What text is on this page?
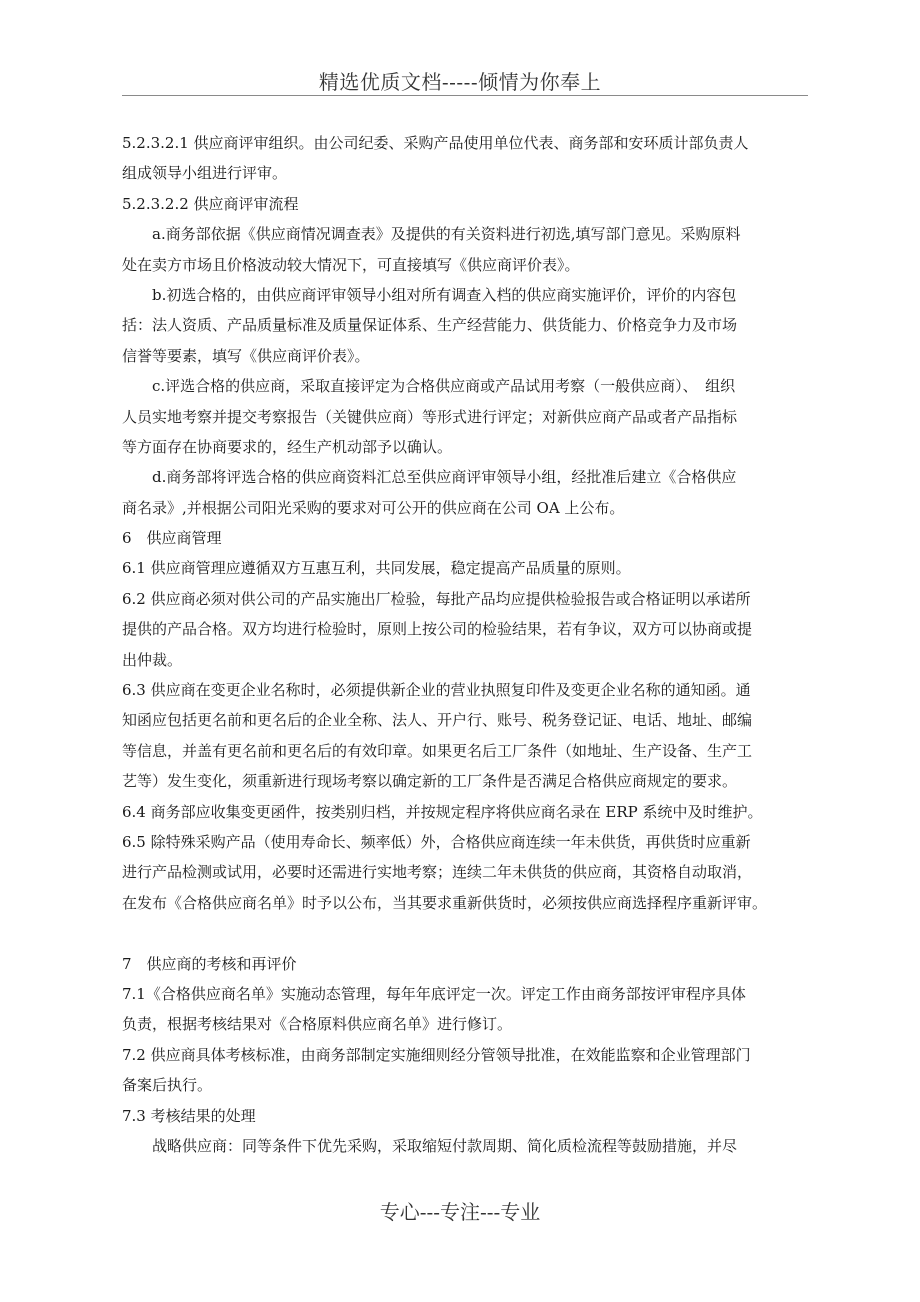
精选优质文档-----倾情为你奉上
5.2.3.2.1 供应商评审组织。由公司纪委、采购产品使用单位代表、商务部和安环质计部负责人
组成领导小组进行评审。
5.2.3.2.2 供应商评审流程
a.商务部依据《供应商情况调查表》及提供的有关资料进行初选,填写部门意见。采购原料
处在卖方市场且价格波动较大情况下，可直接填写《供应商评价表》。
b.初选合格的，由供应商评审领导小组对所有调查入档的供应商实施评价，评价的内容包
括：法人资质、产品质量标准及质量保证体系、生产经营能力、供货能力、价格竞争力及市场
信誉等要素，填写《供应商评价表》。
c.评选合格的供应商，采取直接评定为合格供应商或产品试用考察（一般供应商）、　组织
人员实地考察并提交考察报告（关键供应商）等形式进行评定；对新供应商产品或者产品指标
等方面存在协商要求的，经生产机动部予以确认。
d.商务部将评选合格的供应商资料汇总至供应商评审领导小组，经批准后建立《合格供应
商名录》,并根据公司阳光采购的要求对可公开的供应商在公司 OA 上公布。
6　供应商管理
6.1 供应商管理应遵循双方互惠互利，共同发展，稳定提高产品质量的原则。
6.2 供应商必须对供公司的产品实施出厂检验，每批产品均应提供检验报告或合格证明以承诺所
提供的产品合格。双方均进行检验时，原则上按公司的检验结果，若有争议，双方可以协商或提
出仲裁。
6.3 供应商在变更企业名称时，必须提供新企业的营业执照复印件及变更企业名称的通知函。通
知函应包括更名前和更名后的企业全称、法人、开户行、账号、税务登记证、电话、地址、邮编
等信息，并盖有更名前和更名后的有效印章。如果更名后工厂条件（如地址、生产设备、生产工
艺等）发生变化，须重新进行现场考察以确定新的工厂条件是否满足合格供应商规定的要求。
6.4 商务部应收集变更函件，按类别归档，并按规定程序将供应商名录在 ERP 系统中及时维护。
6.5 除特殊采购产品（使用寿命长、频率低）外，合格供应商连续一年未供货，再供货时应重新
进行产品检测或试用，必要时还需进行实地考察；连续二年未供货的供应商，其资格自动取消，
在发布《合格供应商名单》时予以公布，当其要求重新供货时，必须按供应商选择程序重新评审。
7　供应商的考核和再评价
7.1《合格供应商名单》实施动态管理，每年年底评定一次。评定工作由商务部按评审程序具体
负责，根据考核结果对《合格原料供应商名单》进行修订。
7.2 供应商具体考核标准，由商务部制定实施细则经分管领导批准，在效能监察和企业管理部门
备案后执行。
7.3 考核结果的处理
战略供应商：同等条件下优先采购，采取缩短付款周期、简化质检流程等鼓励措施，并尽
专心---专注---专业
